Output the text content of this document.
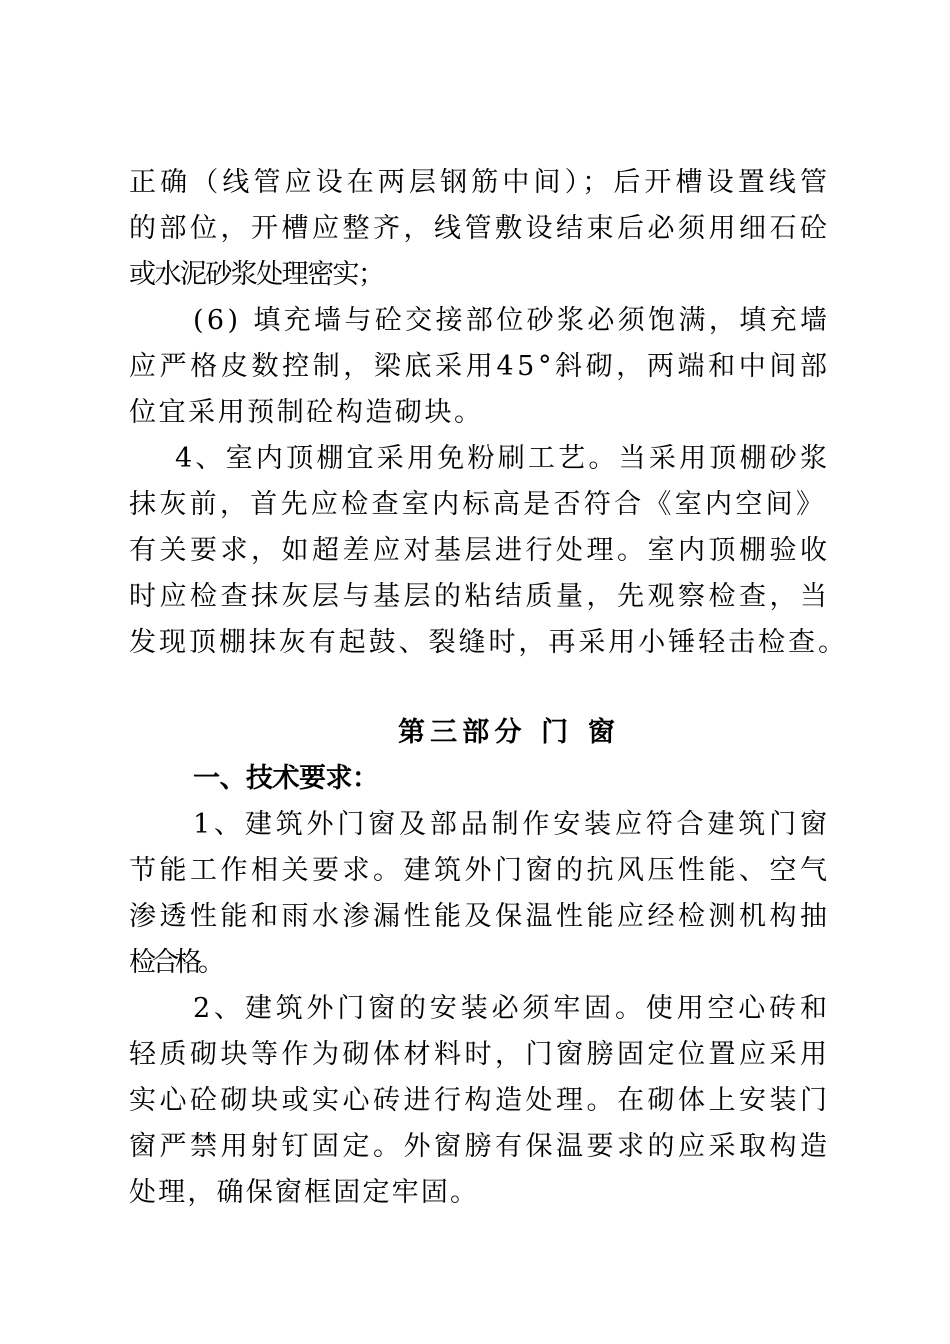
正确（线管应设在两层钢筋中间）；后开槽设置线管
的部位，开槽应整齐，线管敷设结束后必须用细石砼
或水泥砂浆处理密实；
(6) 填充墙与砼交接部位砂浆必须饱满，填充墙
应严格皮数控制，梁底采用45°斜砌，两端和中间部
位宜采用预制砼构造砌块。
4、室内顶棚宜采用免粉刷工艺。当采用顶棚砂浆
抹灰前，首先应检查室内标高是否符合《室内空间》
有关要求，如超差应对基层进行处理。室内顶棚验收
时应检查抹灰层与基层的粘结质量，先观察检查，当
发现顶棚抹灰有起鼓、裂缝时，再采用小锤轻击检查。
第三部分 门 窗
一、技术要求：
1、建筑外门窗及部品制作安装应符合建筑门窗
节能工作相关要求。建筑外门窗的抗风压性能、空气
渗透性能和雨水渗漏性能及保温性能应经检测机构抽
检合格。
2、建筑外门窗的安装必须牢固。使用空心砖和
轻质砌块等作为砌体材料时，门窗膀固定位置应采用
实心砼砌块或实心砖进行构造处理。在砌体上安装门
窗严禁用射钉固定。外窗膀有保温要求的应采取构造
处理，确保窗框固定牢固。
